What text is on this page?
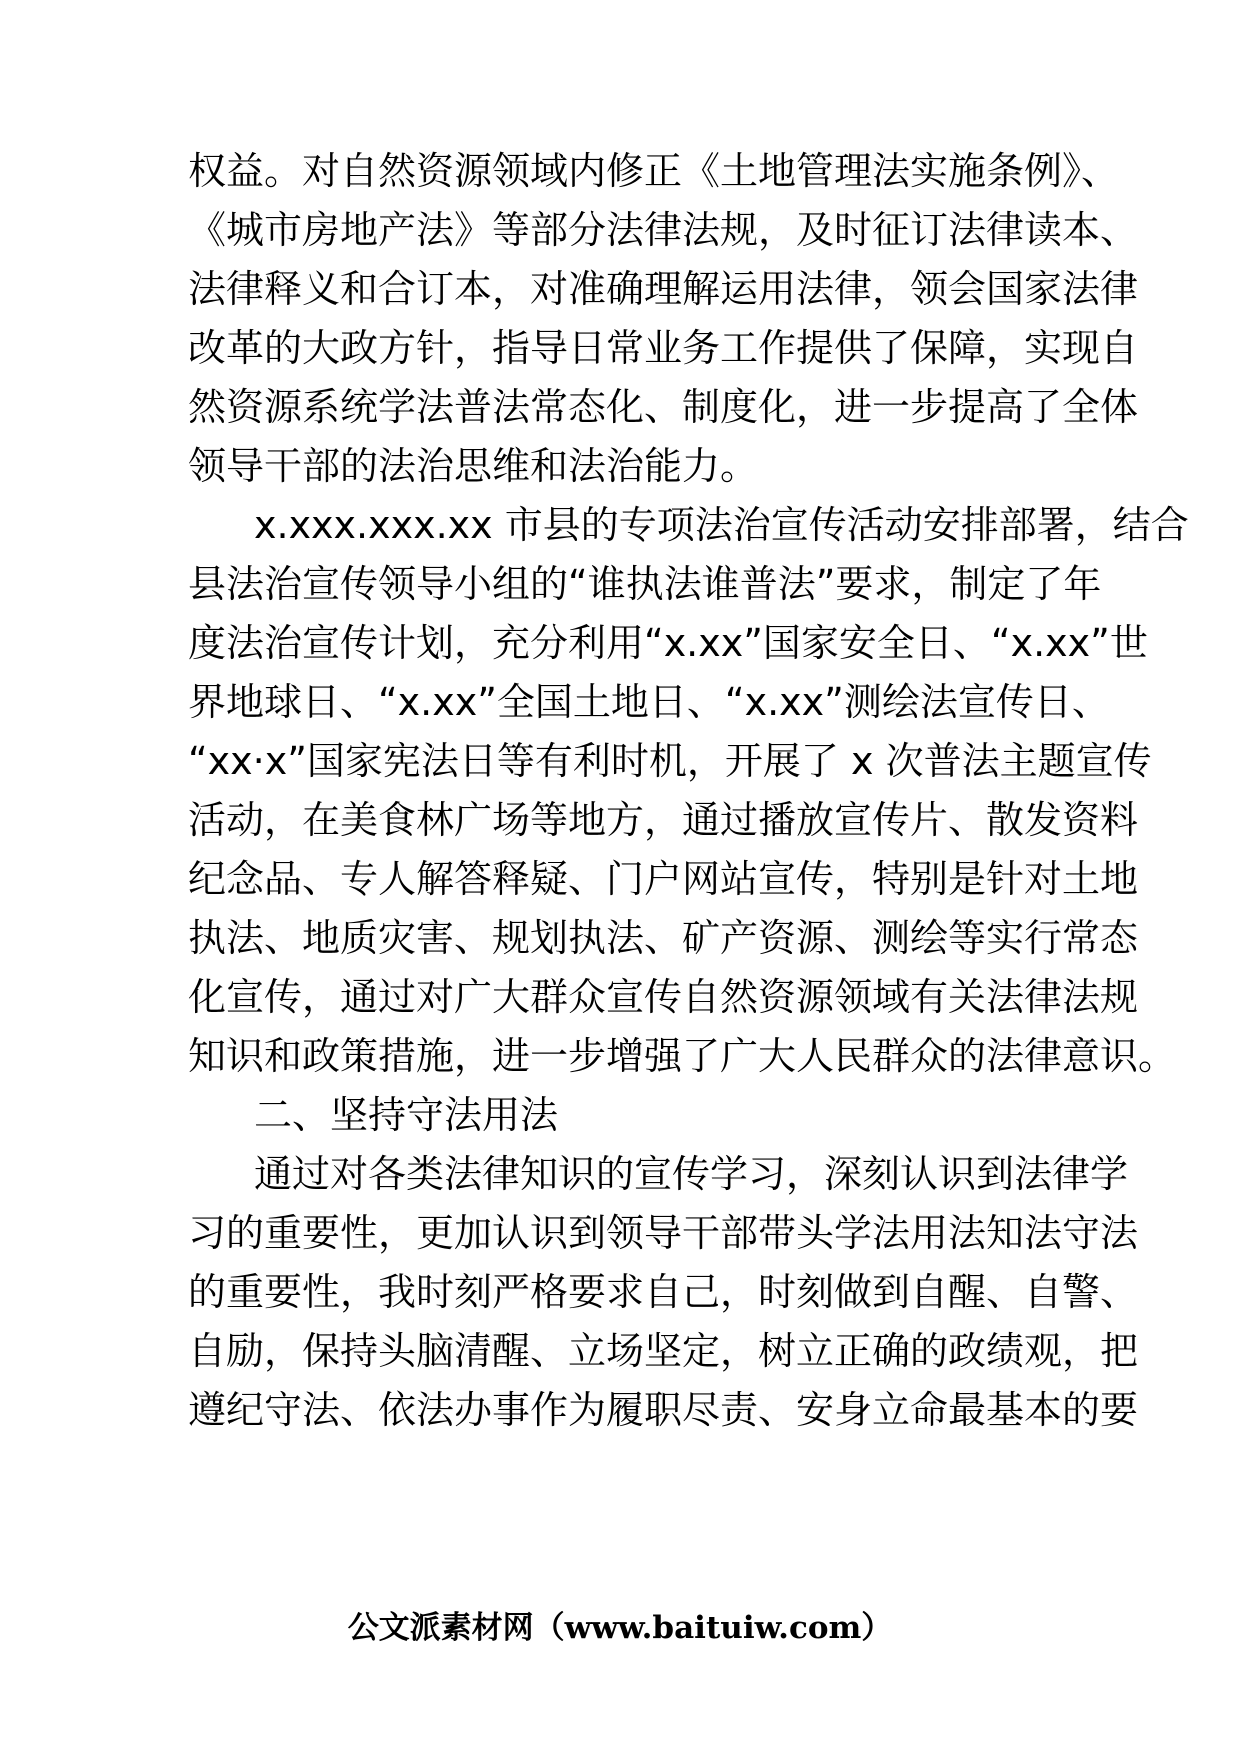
权益。对自然资源领域内修正《土地管理法实施条例》、
《城市房地产法》等部分法律法规，及时征订法律读本、
法律释义和合订本，对准确理解运用法律，领会国家法律
改革的大政方针，指导日常业务工作提供了保障，实现自
然资源系统学法普法常态化、制度化，进一步提高了全体
领导干部的法治思维和法治能力。
x.xxx.xxx.xx 市县的专项法治宣传活动安排部署，结合
县法治宣传领导小组的“谁执法谁普法”要求，制定了年
度法治宣传计划，充分利用“x.xx”国家安全日、“x.xx”世
界地球日、“x.xx”全国土地日、“x.xx”测绘法宣传日、
“xx·x”国家宪法日等有利时机，开展了 x 次普法主题宣传
活动，在美食林广场等地方，通过播放宣传片、散发资料
纪念品、专人解答释疑、门户网站宣传，特别是针对土地
执法、地质灾害、规划执法、矿产资源、测绘等实行常态
化宣传，通过对广大群众宣传自然资源领域有关法律法规
知识和政策措施，进一步增强了广大人民群众的法律意识。
二、坚持守法用法
通过对各类法律知识的宣传学习，深刻认识到法律学
习的重要性，更加认识到领导干部带头学法用法知法守法
的重要性，我时刻严格要求自己，时刻做到自醒、自警、
自励，保持头脑清醒、立场坚定，树立正确的政绩观，把
遵纪守法、依法办事作为履职尽责、安身立命最基本的要
公文派素材网（www.baituiw.com）
